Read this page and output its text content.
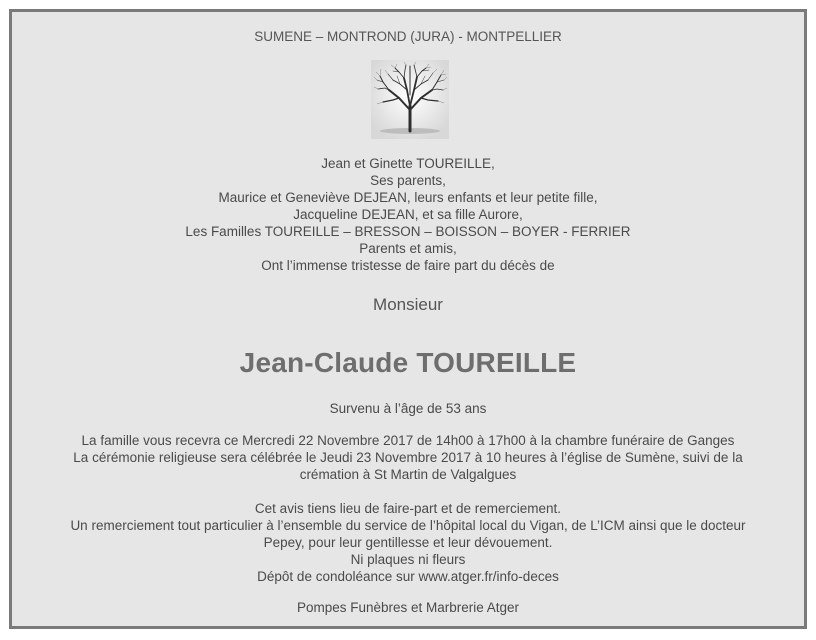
SUMENE – MONTROND (JURA) - MONTPELLIER
Jean et Ginette TOUREILLE,
Ses parents,
Maurice et Geneviève DEJEAN, leurs enfants et leur petite fille,
Jacqueline DEJEAN, et sa fille Aurore,
Les Familles TOUREILLE – BRESSON – BOISSON – BOYER - FERRIER
Parents et amis,
Ont l’immense tristesse de faire part du décès de
Monsieur
Jean-Claude TOUREILLE
Survenu à l’âge de 53 ans
La famille vous recevra ce Mercredi 22 Novembre 2017 de 14h00 à 17h00 à la chambre funéraire de Ganges
La cérémonie religieuse sera célébrée le Jeudi 23 Novembre 2017 à 10 heures à l’église de Sumène, suivi de la
crémation à St Martin de Valgalgues
Cet avis tiens lieu de faire-part et de remerciement.
Un remerciement tout particulier à l’ensemble du service de l’hôpital local du Vigan, de L’ICM ainsi que le docteur
Pepey, pour leur gentillesse et leur dévouement.
Ni plaques ni fleurs
Dépôt de condoléance sur www.atger.fr/info-deces
Pompes Funèbres et Marbrerie Atger
